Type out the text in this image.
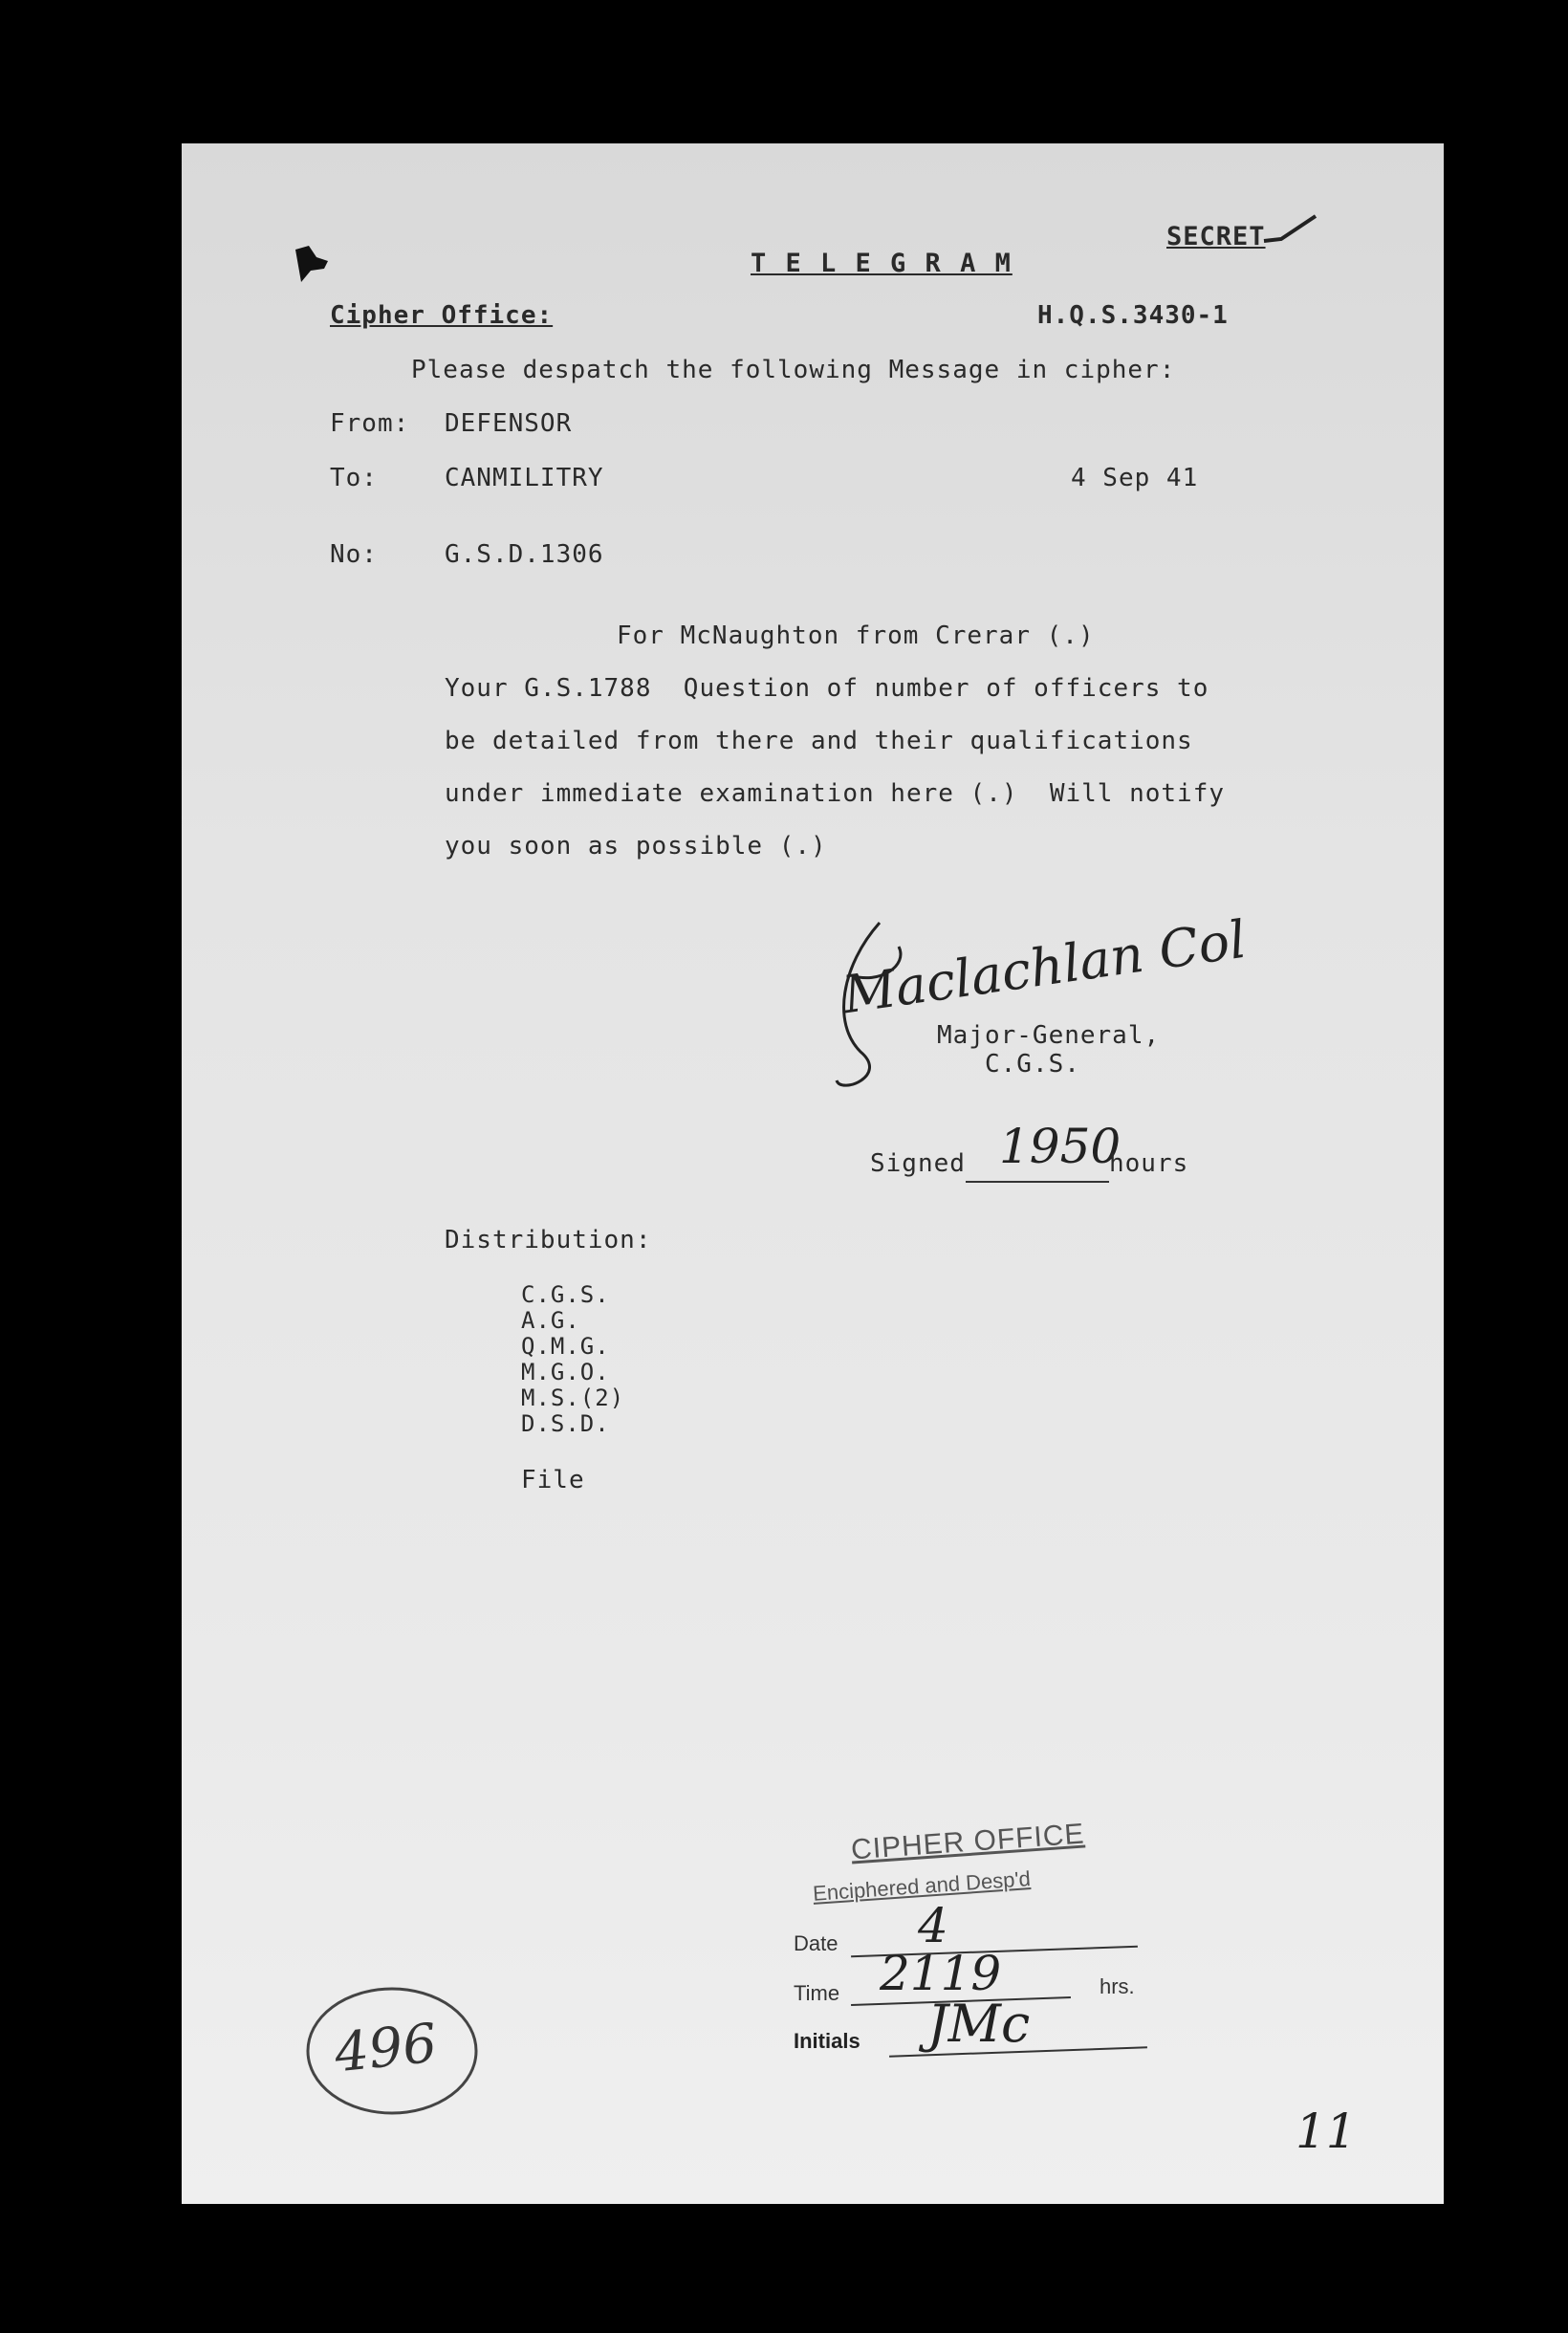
SECRET
T E L E G R A M
Cipher Office:	H.Q.S.3430-1
Please despatch the following Message in cipher:
From: DEFENSOR
To:	CANMILITRY	4 Sep 41
No:	G.S.D.1306
For McNaughton from Crerar (.)
Your G.S.1788  Question of number of officers to
be detailed from there and their qualifications
under immediate examination here (.)  Will notify
you soon as possible (.)
Maclachlan Col
Major-General,
C.G.S.
Signed 1950
hours
Distribution:
C.G.S.
A.G.
Q.M.G.
M.G.O.
M.S.(2)
D.S.D.
File
CIPHER OFFICE
Enciphered and Desp'd
Date 4
Time 2119	hrs.
Initials JMc
496
11
